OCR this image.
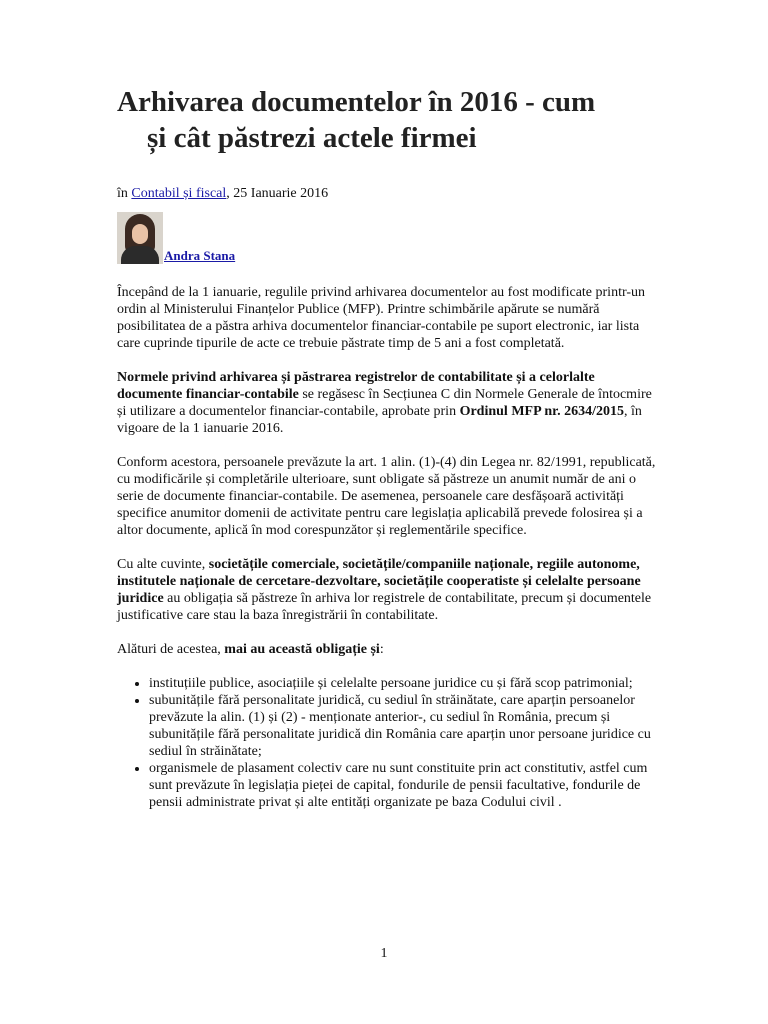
Arhivarea documentelor în 2016 - cum
și cât păstrezi actele firmei
în Contabil și fiscal, 25 Ianuarie 2016
Andra Stana

Începând de la 1 ianuarie, regulile privind arhivarea documentelor au fost modificate printr-un ordin al Ministerului Finanțelor Publice (MFP). Printre schimbările apărute se numără posibilitatea de a păstra arhiva documentelor financiar-contabile pe suport electronic, iar lista care cuprinde tipurile de acte ce trebuie păstrate timp de 5 ani a fost completată.

Normele privind arhivarea și păstrarea registrelor de contabilitate și a celorlalte documente financiar-contabile se regăsesc în Secțiunea C din Normele Generale de întocmire și utilizare a documentelor financiar-contabile, aprobate prin Ordinul MFP nr. 2634/2015, în vigoare de la 1 ianuarie 2016.

Conform acestora, persoanele prevăzute la art. 1 alin. (1)-(4) din Legea nr. 82/1991, republicată, cu modificările și completările ulterioare, sunt obligate să păstreze un anumit număr de ani o serie de documente financiar-contabile. De asemenea, persoanele care desfășoară activități specifice anumitor domenii de activitate pentru care legislația aplicabilă prevede folosirea și a altor documente, aplică în mod corespunzător și reglementările specifice.

Cu alte cuvinte, societățile comerciale, societățile/companiile naționale, regiile autonome, institutele naționale de cercetare-dezvoltare, societățile cooperatiste și celelalte persoane juridice au obligația să păstreze în arhiva lor registrele de contabilitate, precum și documentele justificative care stau la baza înregistrării în contabilitate.

Alături de acestea, mai au această obligație și:

• instituțiile publice, asociațiile și celelalte persoane juridice cu și fără scop patrimonial;
• subunitățile fără personalitate juridică, cu sediul în străinătate, care aparțin persoanelor prevăzute la alin. (1) și (2) - menționate anterior-, cu sediul în România, precum și subunitățile fără personalitate juridică din România care aparțin unor persoane juridice cu sediul în străinătate;
• organismele de plasament colectiv care nu sunt constituite prin act constitutiv, astfel cum sunt prevăzute în legislația pieței de capital, fondurile de pensii facultative, fondurile de pensii administrate privat și alte entități organizate pe baza Codului civil .
1
